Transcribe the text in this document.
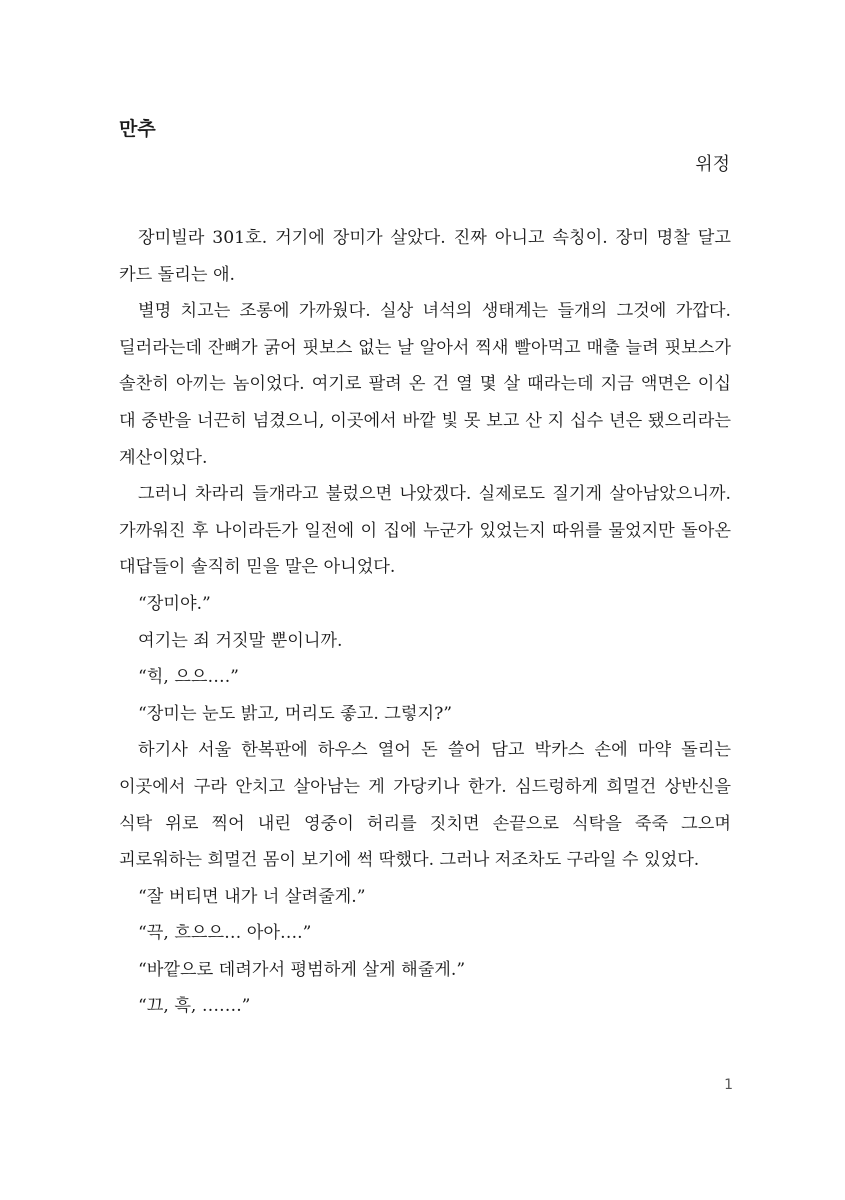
만추

위정

장미빌라 301호. 거기에 장미가 살았다. 진짜 아니고 속칭이. 장미 명찰 달고 카드 돌리는 애.

별명 치고는 조롱에 가까웠다. 실상 녀석의 생태계는 들개의 그것에 가깝다. 딜러라는데 잔뼈가 굵어 핏보스 없는 날 알아서 찍새 빨아먹고 매출 늘려 핏보스가 솔찬히 아끼는 놈이었다. 여기로 팔려 온 건 열 몇 살 때라는데 지금 액면은 이십 대 중반을 너끈히 넘겼으니, 이곳에서 바깥 빛 못 보고 산 지 십수 년은 됐으리라는 계산이었다.

그러니 차라리 들개라고 불렀으면 나았겠다. 실제로도 질기게 살아남았으니까. 가까워진 후 나이라든가 일전에 이 집에 누군가 있었는지 따위를 물었지만 돌아온 대답들이 솔직히 믿을 말은 아니었다.

“장미야.”

여기는 죄 거짓말 뿐이니까.

“힉, 으으….”

“장미는 눈도 밝고, 머리도 좋고. 그렇지?”

하기사 서울 한복판에 하우스 열어 돈 쓸어 담고 박카스 손에 마약 돌리는 이곳에서 구라 안치고 살아남는 게 가당키나 한가. 심드렁하게 희멀건 상반신을 식탁 위로 찍어 내린 영중이 허리를 짓치면 손끝으로 식탁을 죽죽 그으며 괴로워하는 희멀건 몸이 보기에 썩 딱했다. 그러나 저조차도 구라일 수 있었다.

“잘 버티면 내가 너 살려줄게.”

“끅, 흐으으… 아아….”

“바깥으로 데려가서 평범하게 살게 해줄게.”

“끄, 흑, …….”

1
